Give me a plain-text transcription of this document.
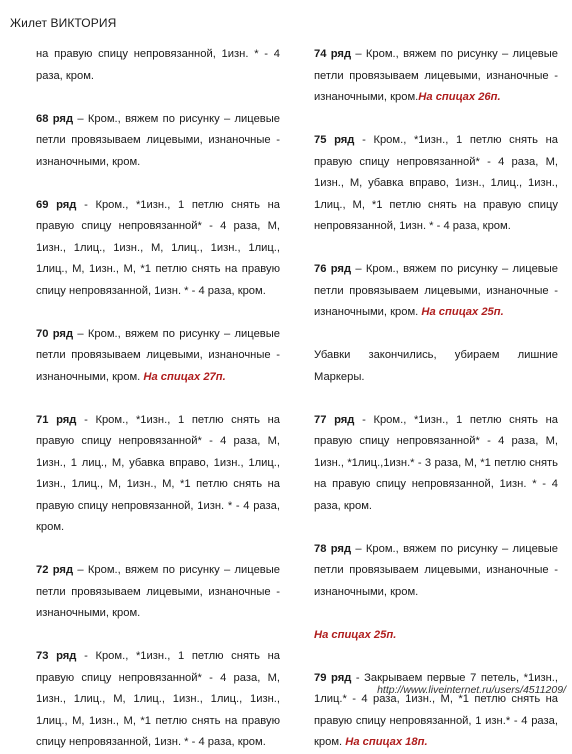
Жилет ВИКТОРИЯ

на правую спицу непровязанной, 1изн. * - 4 раза, кром.

68 ряд – Кром., вяжем по рисунку – лицевые петли провязываем лицевыми, изнаночные - изнаночными, кром.

69 ряд - Кром., *1изн., 1 петлю снять на правую спицу непровязанной* - 4 раза, М, 1изн., 1лиц., 1изн., М, 1лиц., 1изн., 1лиц., 1лиц., М, 1изн., М, *1 петлю снять на правую спицу непровязанной, 1изн. * - 4 раза, кром.

70 ряд – Кром., вяжем по рисунку – лицевые петли провязываем лицевыми, изнаночные - изнаночными, кром. На спицах 27п.

71 ряд - Кром., *1изн., 1 петлю снять на правую спицу непровязанной* - 4 раза, М, 1изн., 1 лиц., М, убавка вправо, 1изн., 1лиц., 1изн., 1лиц., М, 1изн., М, *1 петлю снять на правую спицу непровязанной, 1изн. * - 4 раза, кром.

72 ряд – Кром., вяжем по рисунку – лицевые петли провязываем лицевыми, изнаночные - изнаночными, кром.

73 ряд - Кром., *1изн., 1 петлю снять на правую спицу непровязанной* - 4 раза, М, 1изн., 1лиц., М, 1лиц., 1изн., 1лиц., 1изн., 1лиц., М, 1изн., М, *1 петлю снять на правую спицу непровязанной, 1изн. * - 4 раза, кром.

74 ряд – Кром., вяжем по рисунку – лицевые петли провязываем лицевыми, изнаночные - изнаночными, кром.На спицах 26п.

75 ряд - Кром., *1изн., 1 петлю снять на правую спицу непровязанной* - 4 раза, М, 1изн., М, убавка вправо, 1изн., 1лиц., 1изн., 1лиц., М, *1 петлю снять на правую спицу непровязанной, 1изн. * - 4 раза, кром.

76 ряд – Кром., вяжем по рисунку – лицевые петли провязываем лицевыми, изнаночные - изнаночными, кром. На спицах 25п.

Убавки закончились, убираем лишние Маркеры.

77 ряд - Кром., *1изн., 1 петлю снять на правую спицу непровязанной* - 4 раза, М, 1изн., *1лиц.,1изн.* - 3 раза, М, *1 петлю снять на правую спицу непровязанной, 1изн. * - 4 раза, кром.

78 ряд – Кром., вяжем по рисунку – лицевые петли провязываем лицевыми, изнаночные - изнаночными, кром.

На спицах 25п.

79 ряд - Закрываем первые 7 петель, *1изн., 1лиц.* - 4 раза, 1изн., М, *1 петлю снять на правую спицу непровязанной, 1 изн.* - 4 раза, кром. На спицах 18п.

http://www.liveinternet.ru/users/4511209/
